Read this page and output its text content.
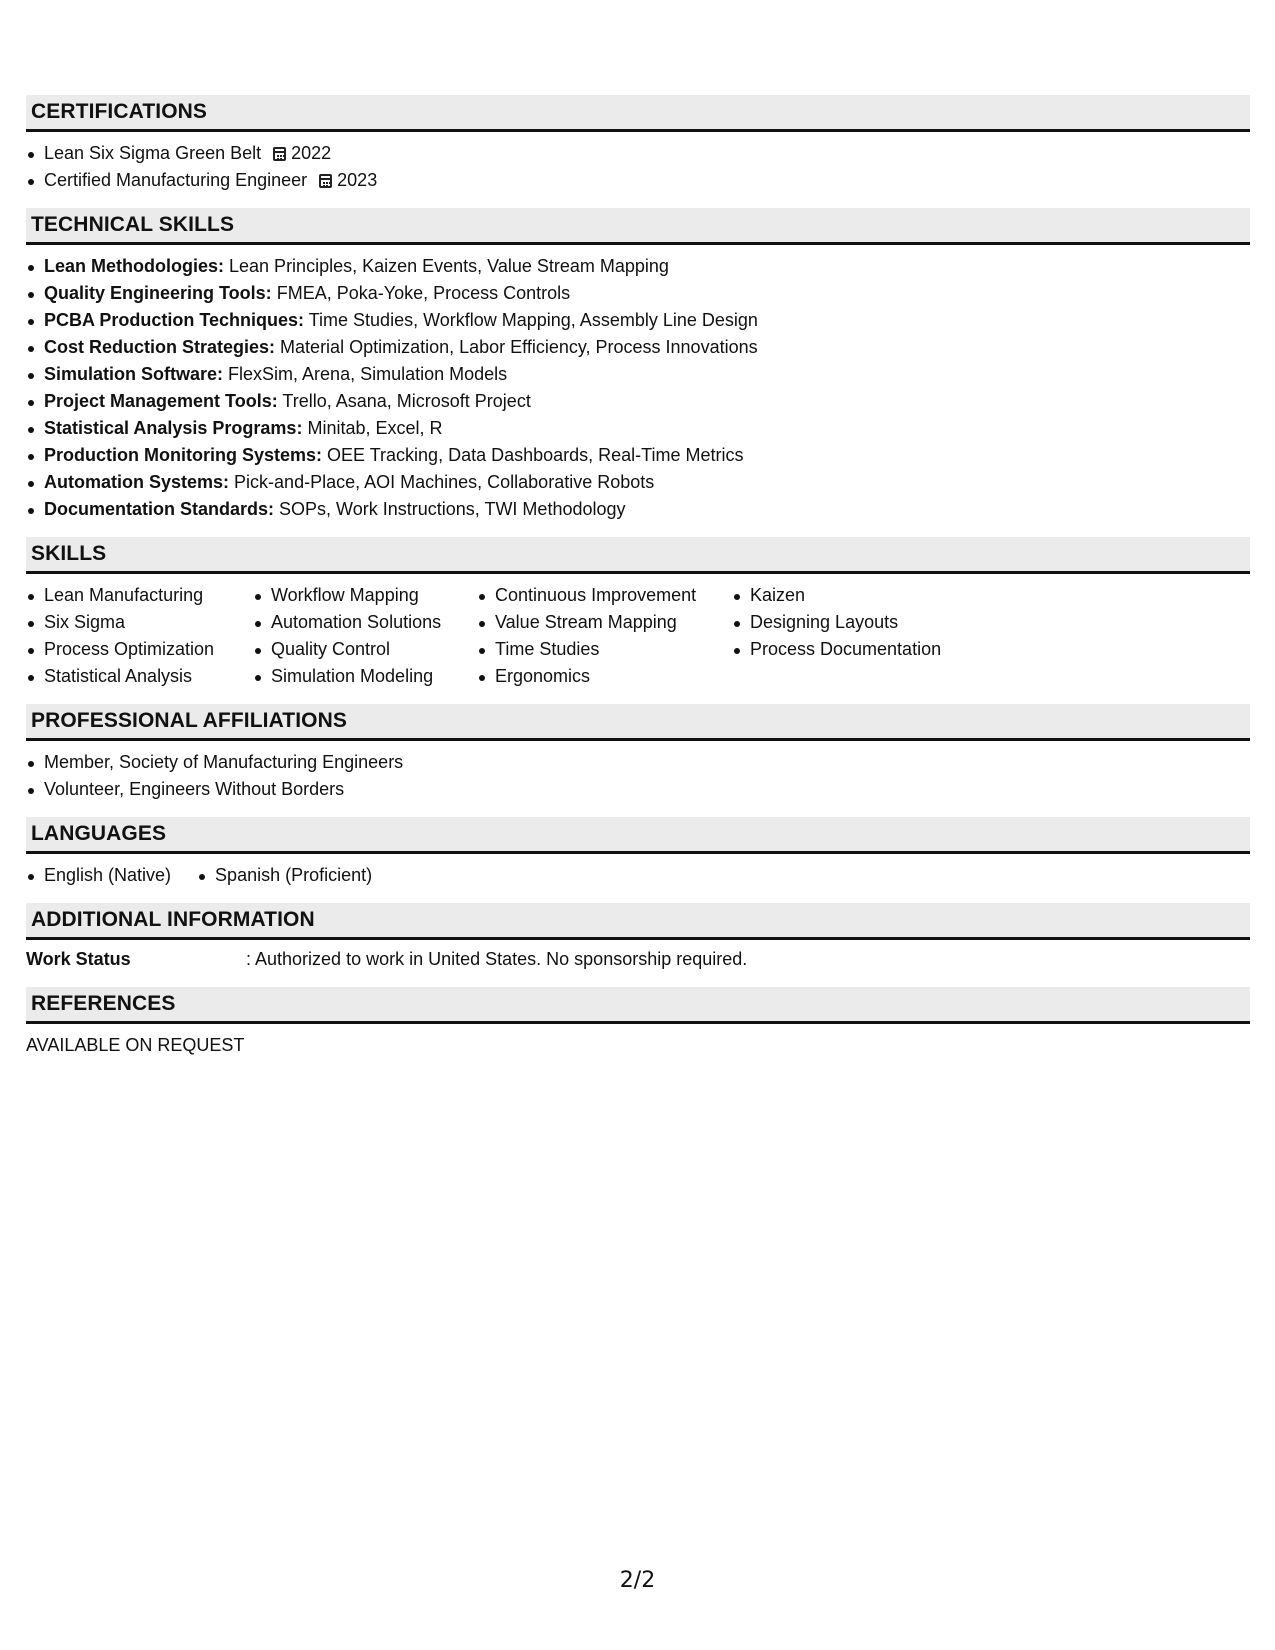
CERTIFICATIONS
Lean Six Sigma Green Belt 2022
Certified Manufacturing Engineer 2023
TECHNICAL SKILLS
Lean Methodologies: Lean Principles, Kaizen Events, Value Stream Mapping
Quality Engineering Tools: FMEA, Poka-Yoke, Process Controls
PCBA Production Techniques: Time Studies, Workflow Mapping, Assembly Line Design
Cost Reduction Strategies: Material Optimization, Labor Efficiency, Process Innovations
Simulation Software: FlexSim, Arena, Simulation Models
Project Management Tools: Trello, Asana, Microsoft Project
Statistical Analysis Programs: Minitab, Excel, R
Production Monitoring Systems: OEE Tracking, Data Dashboards, Real-Time Metrics
Automation Systems: Pick-and-Place, AOI Machines, Collaborative Robots
Documentation Standards: SOPs, Work Instructions, TWI Methodology
SKILLS
Lean Manufacturing
Six Sigma
Process Optimization
Statistical Analysis
Workflow Mapping
Automation Solutions
Quality Control
Simulation Modeling
Continuous Improvement
Value Stream Mapping
Time Studies
Ergonomics
Kaizen
Designing Layouts
Process Documentation
PROFESSIONAL AFFILIATIONS
Member, Society of Manufacturing Engineers
Volunteer, Engineers Without Borders
LANGUAGES
English (Native)	Spanish (Proficient)
ADDITIONAL INFORMATION
Work Status	: Authorized to work in United States. No sponsorship required.
REFERENCES
AVAILABLE ON REQUEST
2/2
